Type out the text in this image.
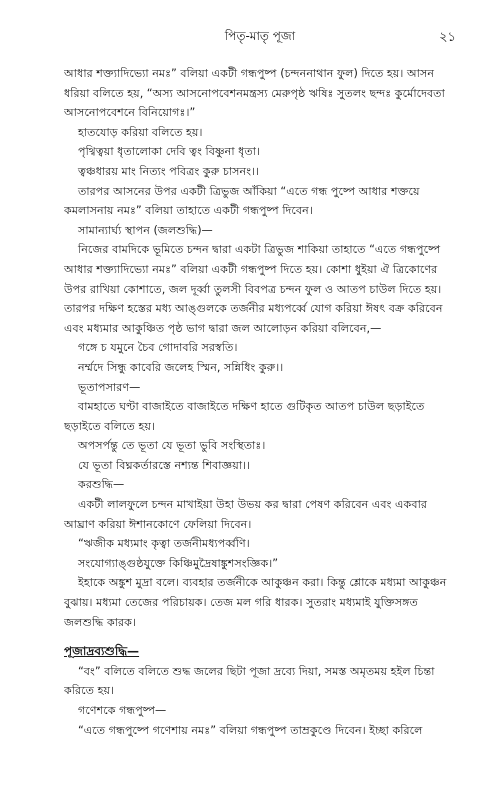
পিতৃ-মাতৃ পূজা	২১
আধার শক্ত্যাদিভ্যো নমঃ” বলিয়া একটী গন্ধপুষ্প (চন্দননাথান ফুল) দিতে হয়। আসন
ধরিয়া বলিতে হয়, “অস্য আসনোপবেশনমন্ত্রস্য মেরুপৃষ্ঠ ঋষিঃ সুতলং ছন্দঃ কুর্মোদেবতা
আসনোপবেশনে বিনিয়োগঃ।”
হাতযোড় করিয়া বলিতে হয়।
পৃথ্বিত্বয়া ধৃতালোকা দেবি ত্বং বিষ্ণুনা ধৃতা।
ত্বঞ্চধারয় মাং নিত্যং পবিত্রং কুরু চাসনং।।
তারপর আসনের উপর একটী ত্রিভুজ আঁকিয়া “এতে গন্ধ পুষ্পে আধার শক্তয়ে
কমলাসনায় নমঃ” বলিয়া তাহাতে একটী গন্ধপুষ্প দিবেন।
সামান্যার্ঘ্য স্থাপন (জলশুদ্ধি)—
নিজের বামদিকে ভূমিতে চন্দন দ্বারা একটা ত্রিভুজ শাকিয়া তাহাতে “এতে গন্ধপুষ্পে
আধার শক্ত্যাদিভ্যো নমঃ” বলিয়া একটী গন্ধপুষ্প দিতে হয়। কোশা ধুইয়া ঐ ত্রিকোণের
উপর রাখিয়া কোশাতে, জল দূর্ব্বা তুলসী বিবপত্র চন্দন ফুল ও আতপ চাউল দিতে হয়।
তারপর দক্ষিণ হস্তের মধ্য আঙ্গুলকে তর্জনীর মধ্যপর্ব্বে যোগ করিয়া ঈষৎ বক্র করিবেন
এবং মধ্যমার আকুঞ্চিত পৃষ্ঠ ভাগ দ্বারা জল আলোড়ন করিয়া বলিবেন,—
গঙ্গে চ যমুনে চৈব গোদাবরি সরস্বতি।
নর্ম্মদে সিন্ধু কাবেরি জলেহ স্মিন, সন্নিধিং কুরু।।
ভূতাপসারণ—
বামহাতে ঘণ্টা বাজাইতে বাজাইতে দক্ষিণ হাতে গুটিকৃত আতপ চাউল ছড়াইতে
ছড়াইতে বলিতে হয়।
অপসর্পন্তু তে ভূতা যে ভূতা ভুবি সংস্থিতাঃ।
যে ভূতা বিঘ্নকর্তারস্তে নশ্যন্ত শিবাজ্ঞয়া।।
করশুদ্ধি—
একটী লালফুলে চন্দন মাখাইয়া উহা উভয় কর দ্বারা পেষণ করিবেন এবং একবার
আঘ্রাণ করিয়া ঈশানকোণে ফেলিয়া দিবেন।
“ঋজীক মধ্যমাং কৃত্বা তর্জনীমধ্যপর্ব্বণি।
সংযোগ্যাঙ্গুষ্ঠযুক্তে কিঞ্চিমুদ্রৈষাঙ্কুশসংজ্ঞিক।”
ইহাকে অঙ্কুশ মুদ্রা বলে। ব্যবহার তর্জনীকে আকুঞ্চন করা। কিন্তু শ্লোকে মধ্যমা আকুঞ্চন
বুঝায়। মধ্যমা তেজের পরিচায়ক। তেজ মল গরি ধারক। সুতরাং মধ্যমাই যুক্তিসঙ্গত
জলশুদ্ধি কারক।
পূজাদ্রব্যশুদ্ধি—
“বং” বলিতে বলিতে শুদ্ধ জলের ছিটা পূজা দ্রব্যে দিয়া, সমস্ত অমৃতময় হইল চিন্তা
করিতে হয়।
গণেশকে গন্ধপুষ্প—
“এতে গন্ধপুষ্পে গণেশায় নমঃ” বলিয়া গন্ধপুষ্প তাম্রকুণ্ডে দিবেন। ইচ্ছা করিলে
